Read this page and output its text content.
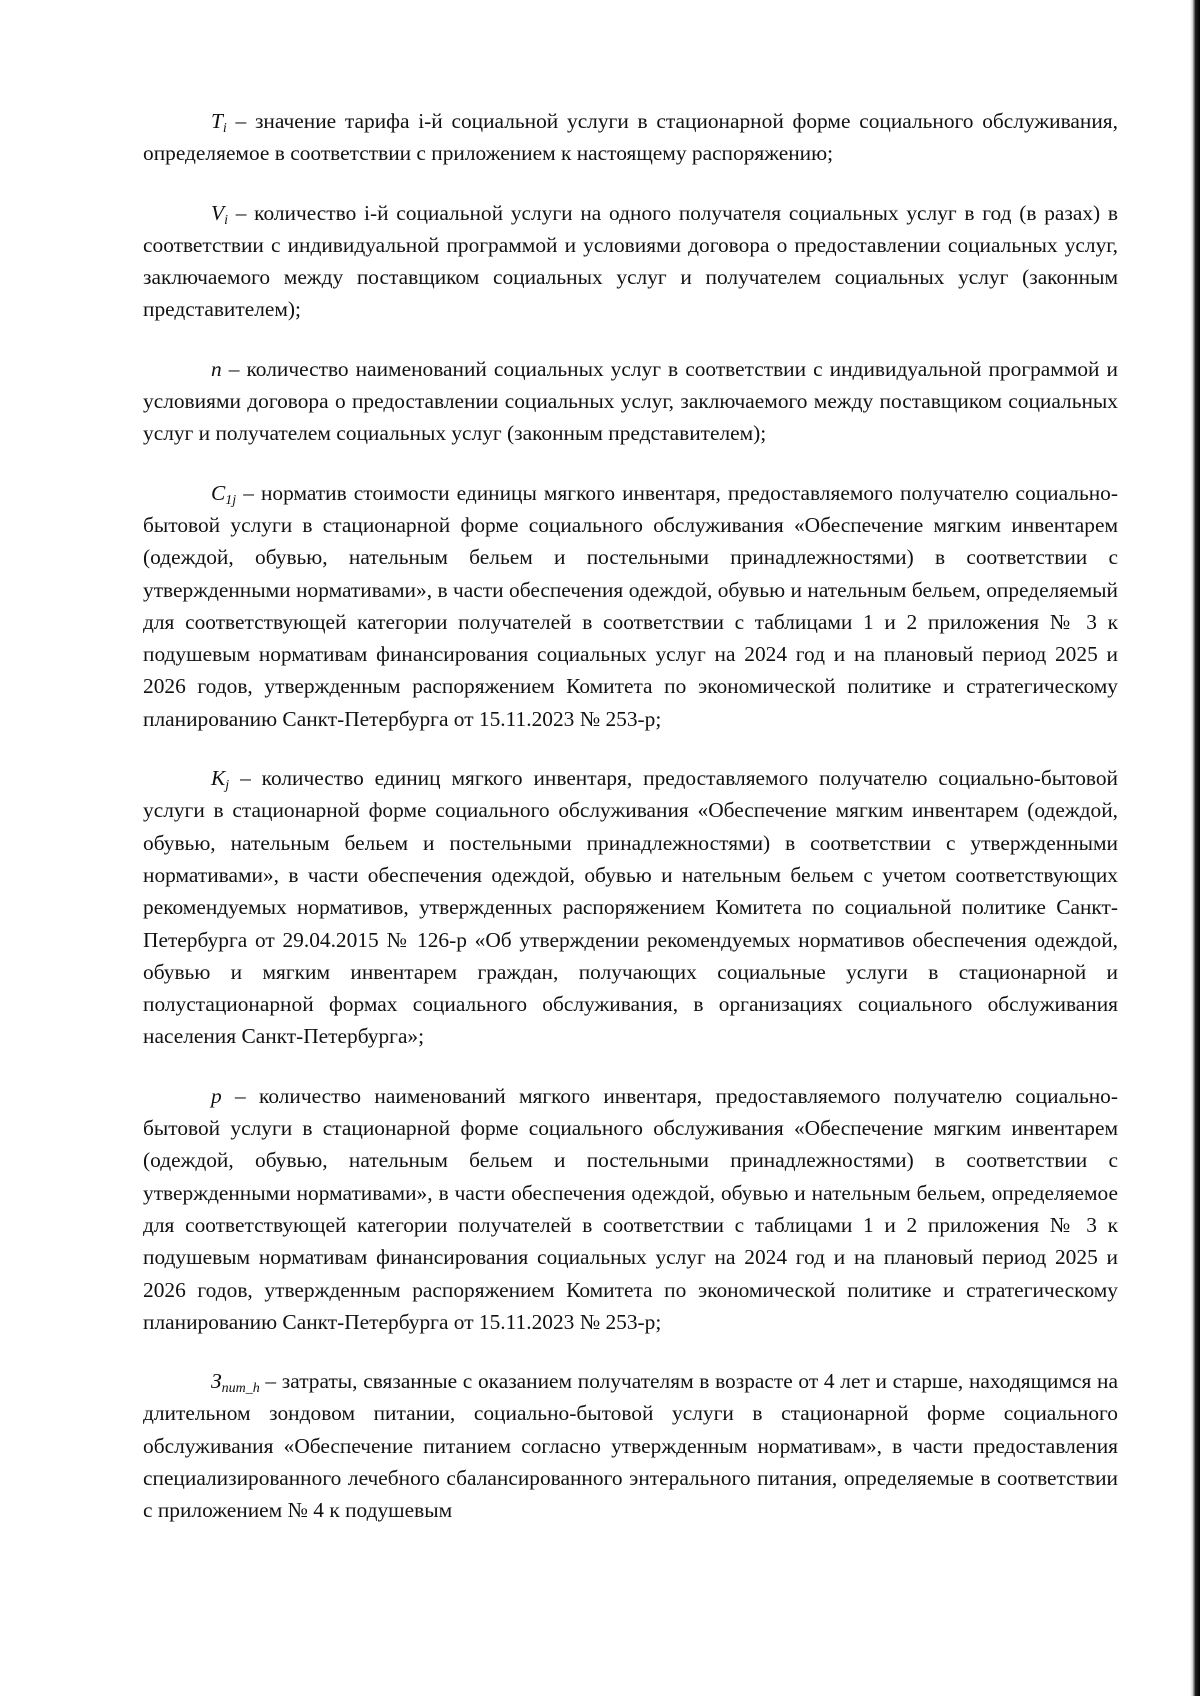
$T_i$ – значение тарифа i-й социальной услуги в стационарной форме социального обслуживания, определяемое в соответствии с приложением к настоящему распоряжению;

$V_i$ – количество i-й социальной услуги на одного получателя социальных услуг в год (в разах) в соответствии с индивидуальной программой и условиями договора о предоставлении социальных услуг, заключаемого между поставщиком социальных услуг и получателем социальных услуг (законным представителем);

n – количество наименований социальных услуг в соответствии с индивидуальной программой и условиями договора о предоставлении социальных услуг, заключаемого между поставщиком социальных услуг и получателем социальных услуг (законным представителем);

$C_{1j}$ – норматив стоимости единицы мягкого инвентаря, предоставляемого получателю социально-бытовой услуги в стационарной форме социального обслуживания «Обеспечение мягким инвентарем (одеждой, обувью, нательным бельем и постельными принадлежностями) в соответствии с утвержденными нормативами», в части обеспечения одеждой, обувью и нательным бельем, определяемый для соответствующей категории получателей в соответствии с таблицами 1 и 2 приложения № 3 к подушевым нормативам финансирования социальных услуг на 2024 год и на плановый период 2025 и 2026 годов, утвержденным распоряжением Комитета по экономической политике и стратегическому планированию Санкт-Петербурга от 15.11.2023 № 253-р;

$K_j$ – количество единиц мягкого инвентаря, предоставляемого получателю социально-бытовой услуги в стационарной форме социального обслуживания «Обеспечение мягким инвентарем (одеждой, обувью, нательным бельем и постельными принадлежностями) в соответствии с утвержденными нормативами», в части обеспечения одеждой, обувью и нательным бельем с учетом соответствующих рекомендуемых нормативов, утвержденных распоряжением Комитета по социальной политике Санкт-Петербурга от 29.04.2015 № 126-р «Об утверждении рекомендуемых нормативов обеспечения одеждой, обувью и мягким инвентарем граждан, получающих социальные услуги в стационарной и полустационарной формах социального обслуживания, в организациях социального обслуживания населения Санкт-Петербурга»;

p – количество наименований мягкого инвентаря, предоставляемого получателю социально-бытовой услуги в стационарной форме социального обслуживания «Обеспечение мягким инвентарем (одеждой, обувью, нательным бельем и постельными принадлежностями) в соответствии с утвержденными нормативами», в части обеспечения одеждой, обувью и нательным бельем, определяемое для соответствующей категории получателей в соответствии с таблицами 1 и 2 приложения № 3 к подушевым нормативам финансирования социальных услуг на 2024 год и на плановый период 2025 и 2026 годов, утвержденным распоряжением Комитета по экономической политике и стратегическому планированию Санкт-Петербурга от 15.11.2023 № 253-р;

$З_{пит\_h}$ – затраты, связанные с оказанием получателям в возрасте от 4 лет и старше, находящимся на длительном зондовом питании, социально-бытовой услуги в стационарной форме социального обслуживания «Обеспечение питанием согласно утвержденным нормативам», в части предоставления специализированного лечебного сбалансированного энтерального питания, определяемые в соответствии с приложением № 4 к подушевым
